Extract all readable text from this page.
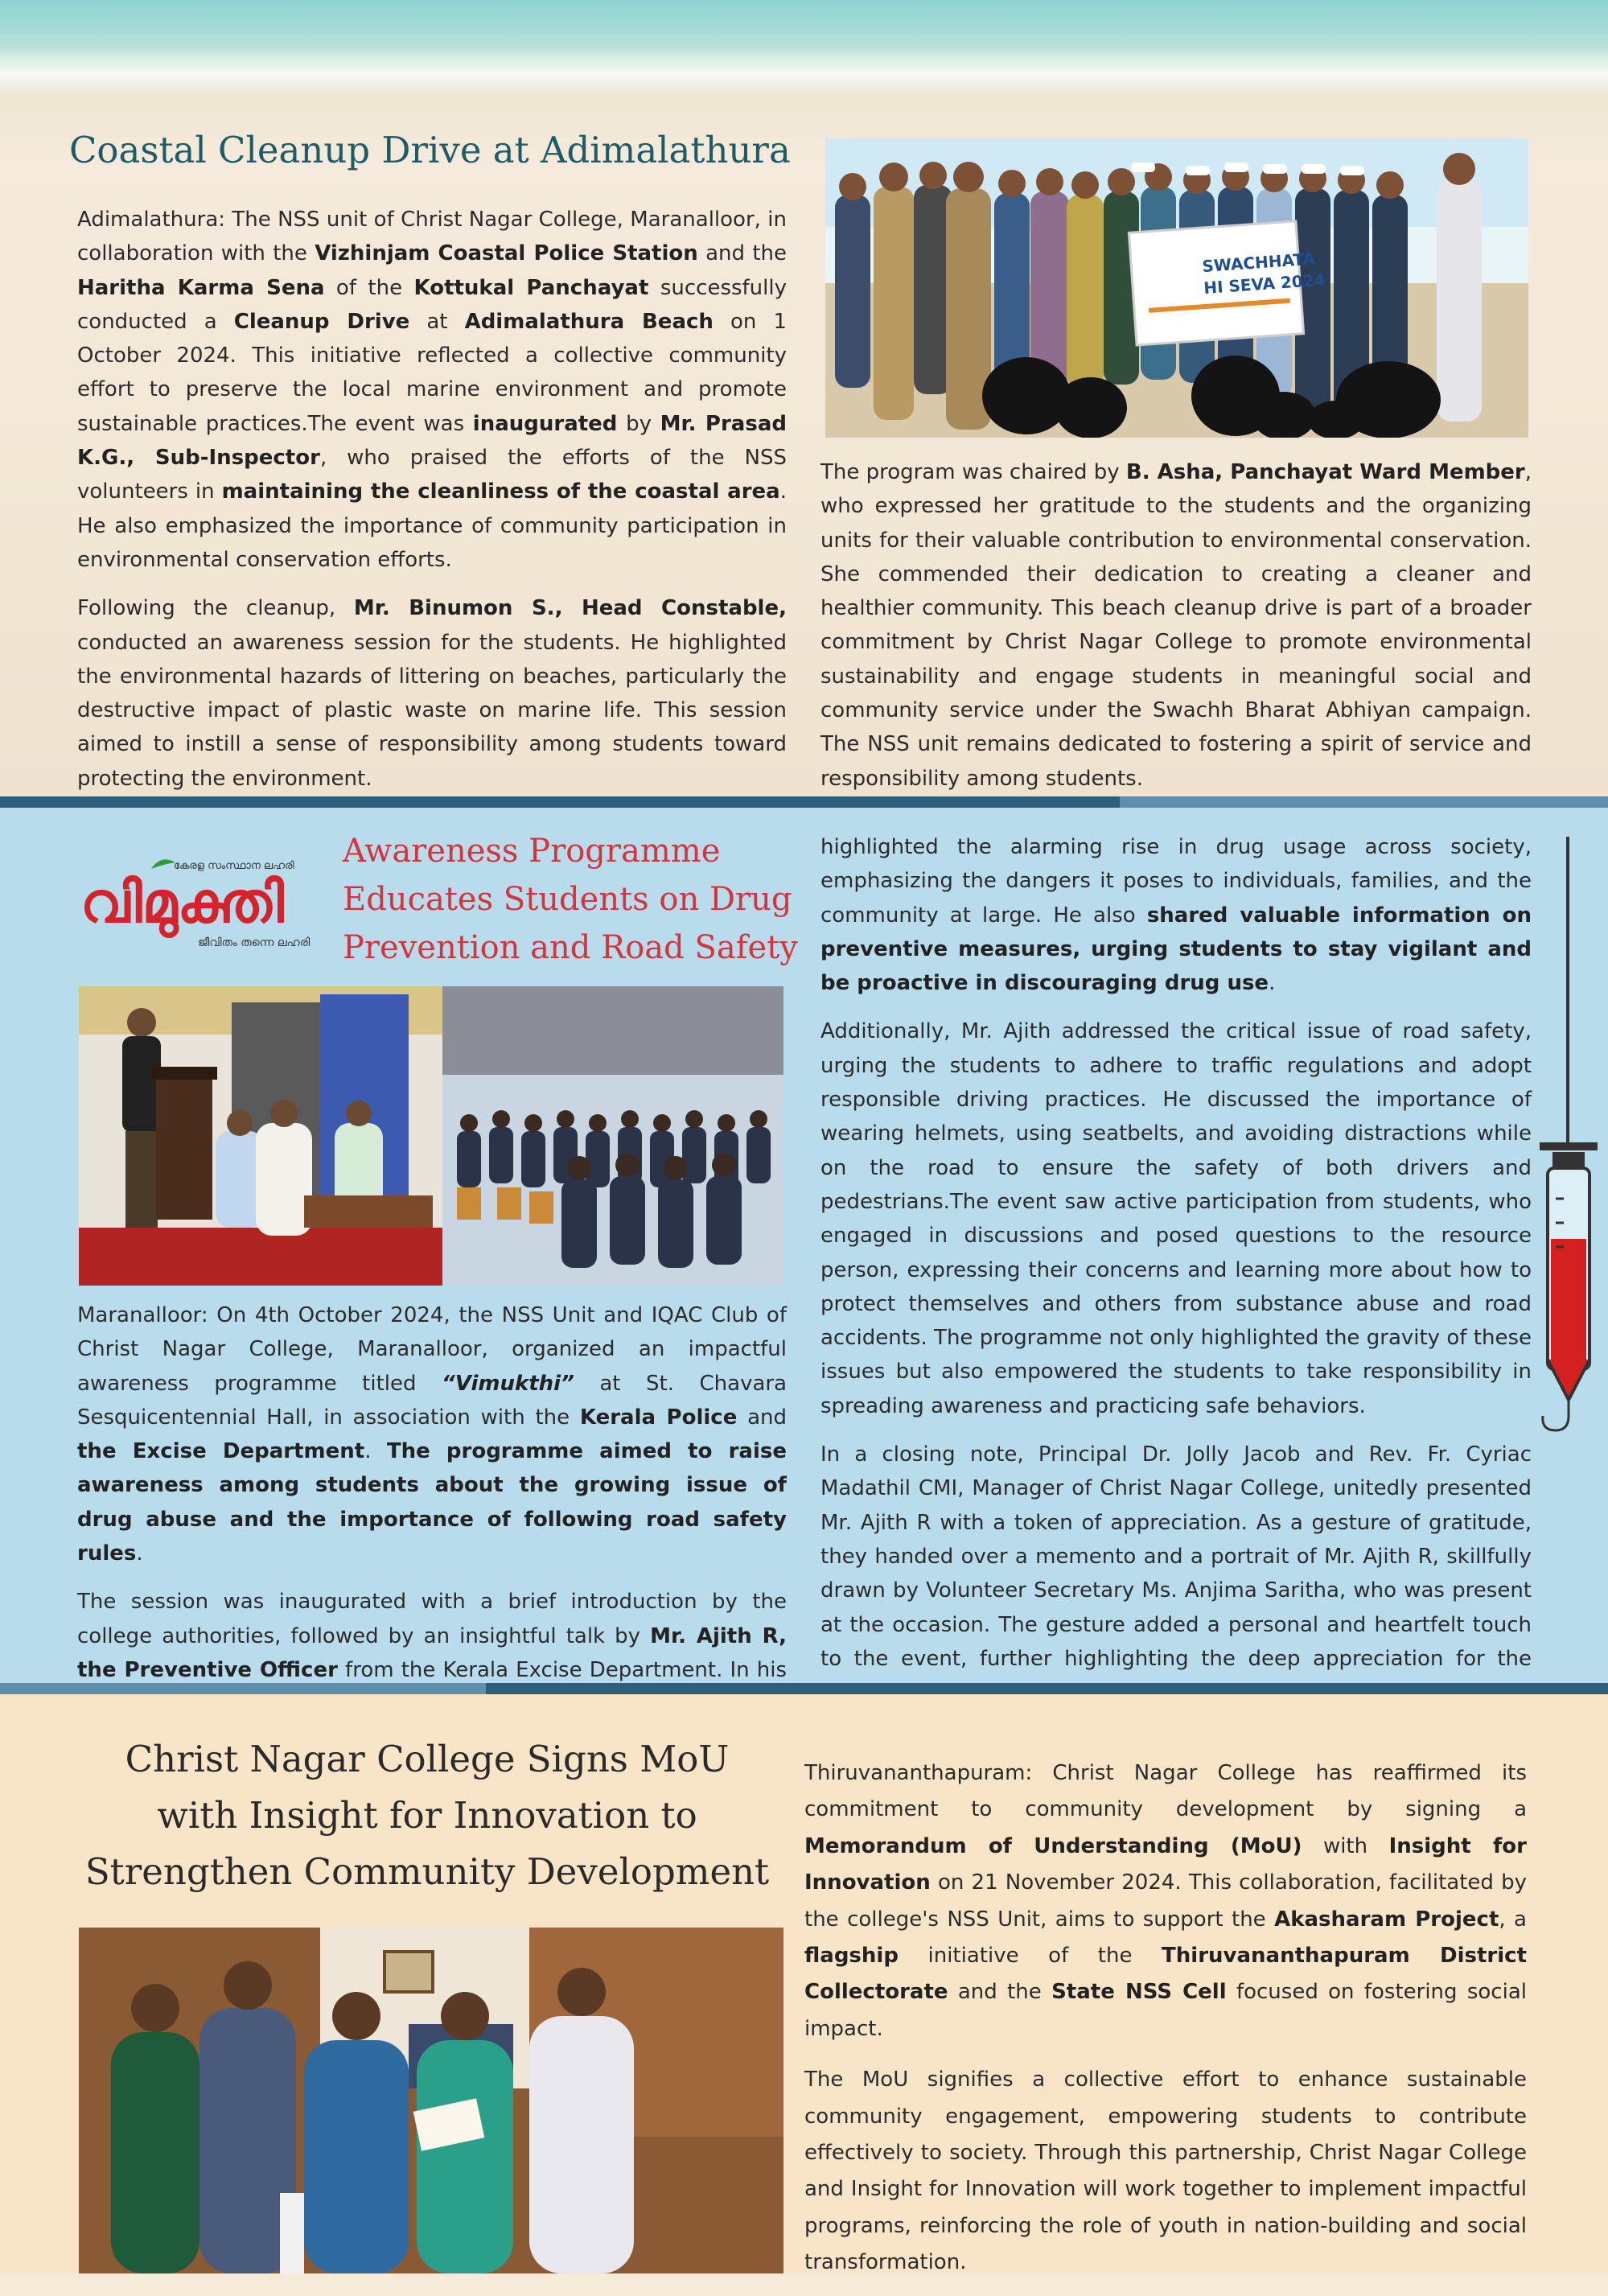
Coastal Cleanup Drive at Adimalathura

Adimalathura: The NSS unit of Christ Nagar College, Maranalloor, in collaboration with the Vizhinjam Coastal Police Station and the Haritha Karma Sena of the Kottukal Panchayat successfully conducted a Cleanup Drive at Adimalathura Beach on 1 October 2024. This initiative reflected a collective community effort to preserve the local marine environment and promote sustainable practices.The event was inaugurated by Mr. Prasad K.G., Sub-Inspector, who praised the efforts of the NSS volunteers in maintaining the cleanliness of the coastal area. He also emphasized the importance of community participation in environmental conservation efforts.

Following the cleanup, Mr. Binumon S., Head Constable, conducted an awareness session for the students. He highlighted the environmental hazards of littering on beaches, particularly the destructive impact of plastic waste on marine life. This session aimed to instill a sense of responsibility among students toward protecting the environment.

SWACHHATA
HI SEVA 2024

The program was chaired by B. Asha, Panchayat Ward Member, who expressed her gratitude to the students and the organizing units for their valuable contribution to environmental conservation. She commended their dedication to creating a cleaner and healthier community. This beach cleanup drive is part of a broader commitment by Christ Nagar College to promote environmental sustainability and engage students in meaningful social and community service under the Swachh Bharat Abhiyan campaign. The NSS unit remains dedicated to fostering a spirit of service and responsibility among students.

കേരള സംസ്ഥാന ലഹരി
വിമുക്തി
ജീവിതം തന്നെ ലഹരി
Awareness Programme
Educates Students on Drug
Prevention and Road Safety

Maranalloor: On 4th October 2024, the NSS Unit and IQAC Club of Christ Nagar College, Maranalloor, organized an impactful awareness programme titled “Vimukthi” at St. Chavara Sesquicentennial Hall, in association with the Kerala Police and the Excise Department. The programme aimed to raise awareness among students about the growing issue of drug abuse and the importance of following road safety rules.

The session was inaugurated with a brief introduction by the college authorities, followed by an insightful talk by Mr. Ajith R, the Preventive Officer from the Kerala Excise Department. In his

highlighted the alarming rise in drug usage across society, emphasizing the dangers it poses to individuals, families, and the community at large. He also shared valuable information on preventive measures, urging students to stay vigilant and be proactive in discouraging drug use.

Additionally, Mr. Ajith addressed the critical issue of road safety, urging the students to adhere to traffic regulations and adopt responsible driving practices. He discussed the importance of wearing helmets, using seatbelts, and avoiding distractions while on the road to ensure the safety of both drivers and pedestrians.The event saw active participation from students, who engaged in discussions and posed questions to the resource person, expressing their concerns and learning more about how to protect themselves and others from substance abuse and road accidents. The programme not only highlighted the gravity of these issues but also empowered the students to take responsibility in spreading awareness and practicing safe behaviors.

In a closing note, Principal Dr. Jolly Jacob and Rev. Fr. Cyriac Madathil CMI, Manager of Christ Nagar College, unitedly presented Mr. Ajith R with a token of appreciation. As a gesture of gratitude, they handed over a memento and a portrait of Mr. Ajith R, skillfully drawn by Volunteer Secretary Ms. Anjima Saritha, who was present at the occasion. The gesture added a personal and heartfelt touch to the event, further highlighting the deep appreciation for the

Christ Nagar College Signs MoU
with Insight for Innovation to
Strengthen Community Development

Thiruvananthapuram: Christ Nagar College has reaffirmed its commitment to community development by signing a Memorandum of Understanding (MoU) with Insight for Innovation on 21 November 2024. This collaboration, facilitated by the college's NSS Unit, aims to support the Akasharam Project, a flagship initiative of the Thiruvananthapuram District Collectorate and the State NSS Cell focused on fostering social impact.

The MoU signifies a collective effort to enhance sustainable community engagement, empowering students to contribute effectively to society. Through this partnership, Christ Nagar College and Insight for Innovation will work together to implement impactful programs, reinforcing the role of youth in nation-building and social transformation.
